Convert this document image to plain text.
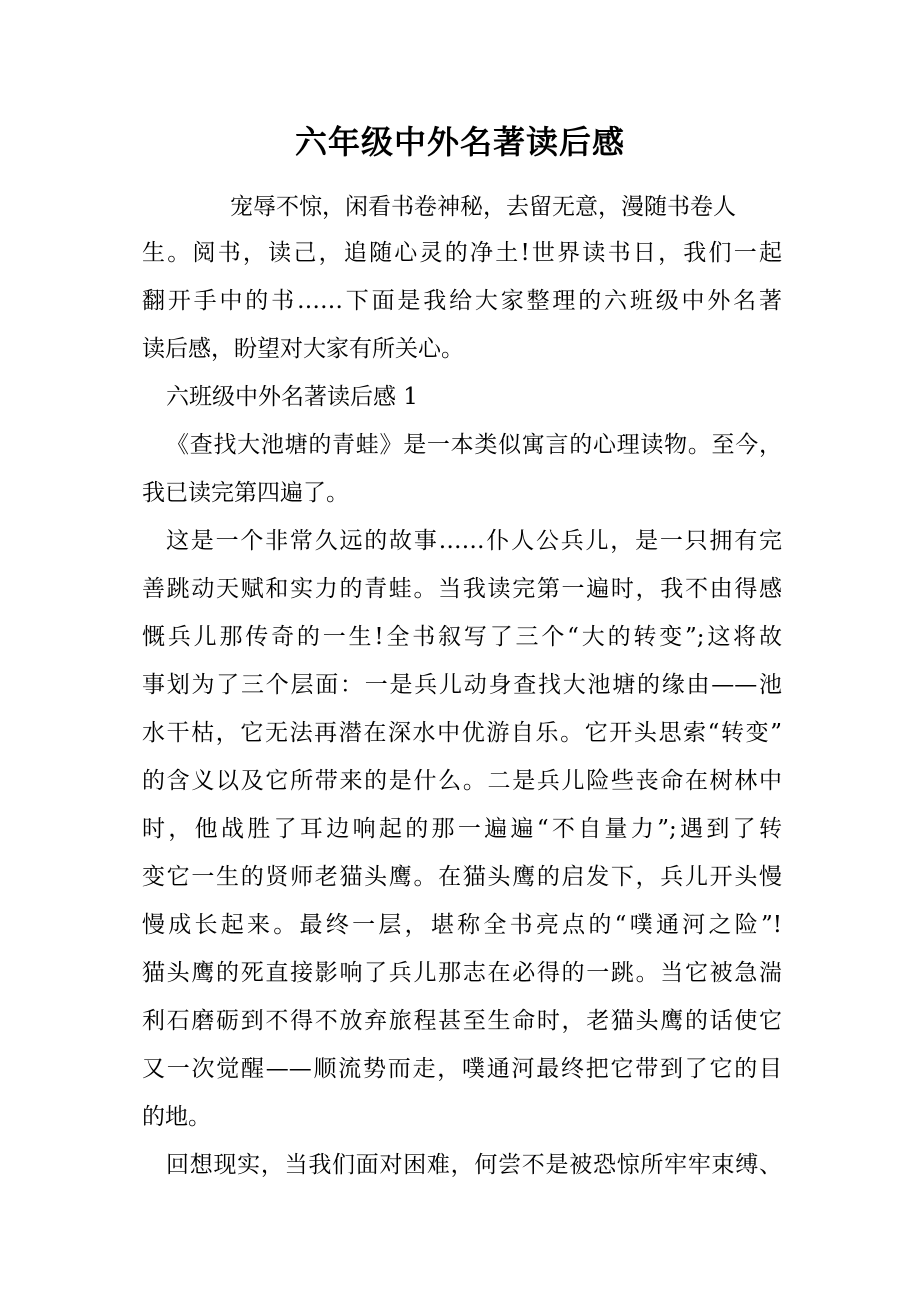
六年级中外名著读后感

宠辱不惊，闲看书卷神秘，去留无意，漫随书卷人

生。阅书，读己，追随心灵的净土!世界读书日，我们一起

翻开手中的书……下面是我给大家整理的六班级中外名著

读后感，盼望对大家有所关心。

六班级中外名著读后感 1

《查找大池塘的青蛙》是一本类似寓言的心理读物。至今，

我已读完第四遍了。

这是一个非常久远的故事……仆人公兵儿，是一只拥有完

善跳动天赋和实力的青蛙。当我读完第一遍时，我不由得感

慨兵儿那传奇的一生!全书叙写了三个“大的转变”;这将故

事划为了三个层面：一是兵儿动身查找大池塘的缘由——池

水干枯，它无法再潜在深水中优游自乐。它开头思索“转变”

的含义以及它所带来的是什么。二是兵儿险些丧命在树林中

时，他战胜了耳边响起的那一遍遍“不自量力”;遇到了转

变它一生的贤师老猫头鹰。在猫头鹰的启发下，兵儿开头慢

慢成长起来。最终一层，堪称全书亮点的“噗通河之险”!

猫头鹰的死直接影响了兵儿那志在必得的一跳。当它被急湍

利石磨砺到不得不放弃旅程甚至生命时，老猫头鹰的话使它

又一次觉醒——顺流势而走，噗通河最终把它带到了它的目

的地。

回想现实，当我们面对困难，何尝不是被恐惊所牢牢束缚、
